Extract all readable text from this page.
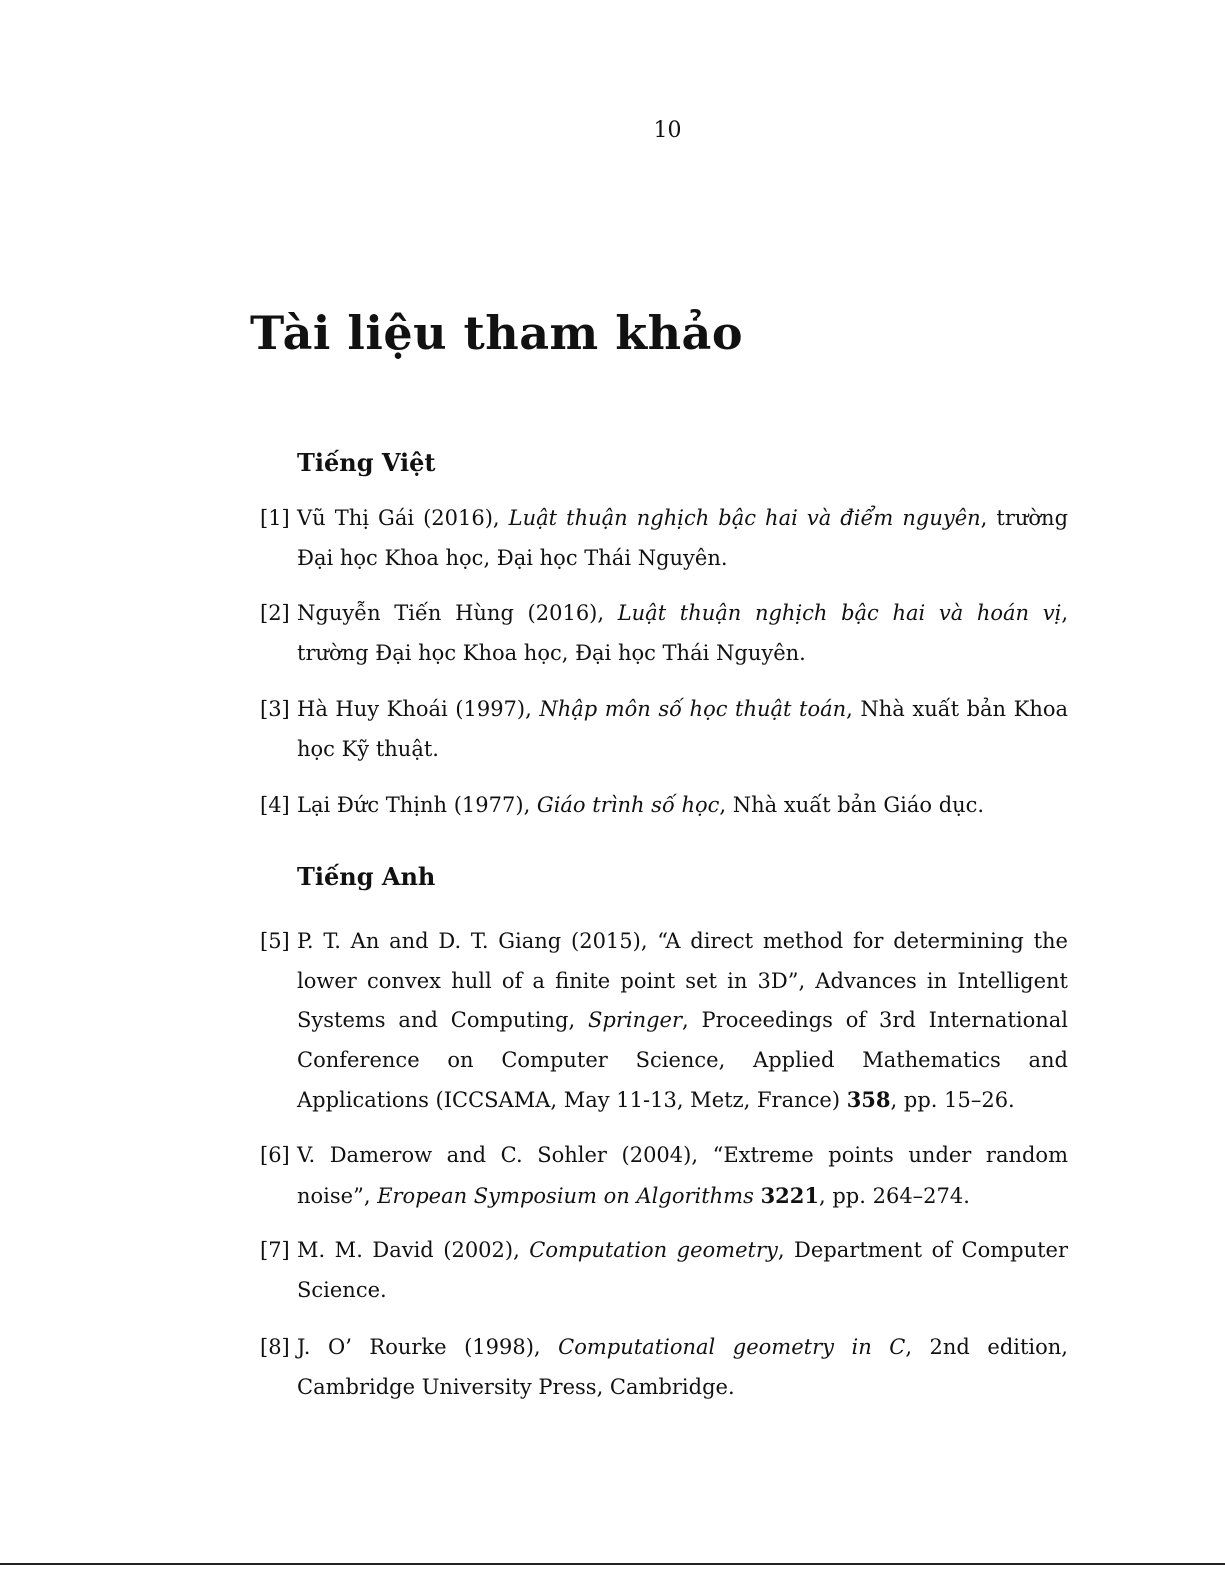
10
Tài liệu tham khảo
Tiếng Việt
[1] Vũ Thị Gái (2016), Luật thuận nghịch bậc hai và điểm nguyên, trường Đại học Khoa học, Đại học Thái Nguyên.
[2] Nguyễn Tiến Hùng (2016), Luật thuận nghịch bậc hai và hoán vị, trường Đại học Khoa học, Đại học Thái Nguyên.
[3] Hà Huy Khoái (1997), Nhập môn số học thuật toán, Nhà xuất bản Khoa học Kỹ thuật.
[4] Lại Đức Thịnh (1977), Giáo trình số học, Nhà xuất bản Giáo dục.
Tiếng Anh
[5] P. T. An and D. T. Giang (2015), “A direct method for determining the lower convex hull of a finite point set in 3D”, Advances in Intelligent Systems and Computing, Springer, Proceedings of 3rd International Conference on Computer Science, Applied Mathematics and Applications (ICCSAMA, May 11-13, Metz, France) 358, pp. 15–26.
[6] V. Damerow and C. Sohler (2004), “Extreme points under random noise”, Eropean Symposium on Algorithms 3221, pp. 264–274.
[7] M. M. David (2002), Computation geometry, Department of Computer Science.
[8] J. O’ Rourke (1998), Computational geometry in C, 2nd edition, Cambridge University Press, Cambridge.
